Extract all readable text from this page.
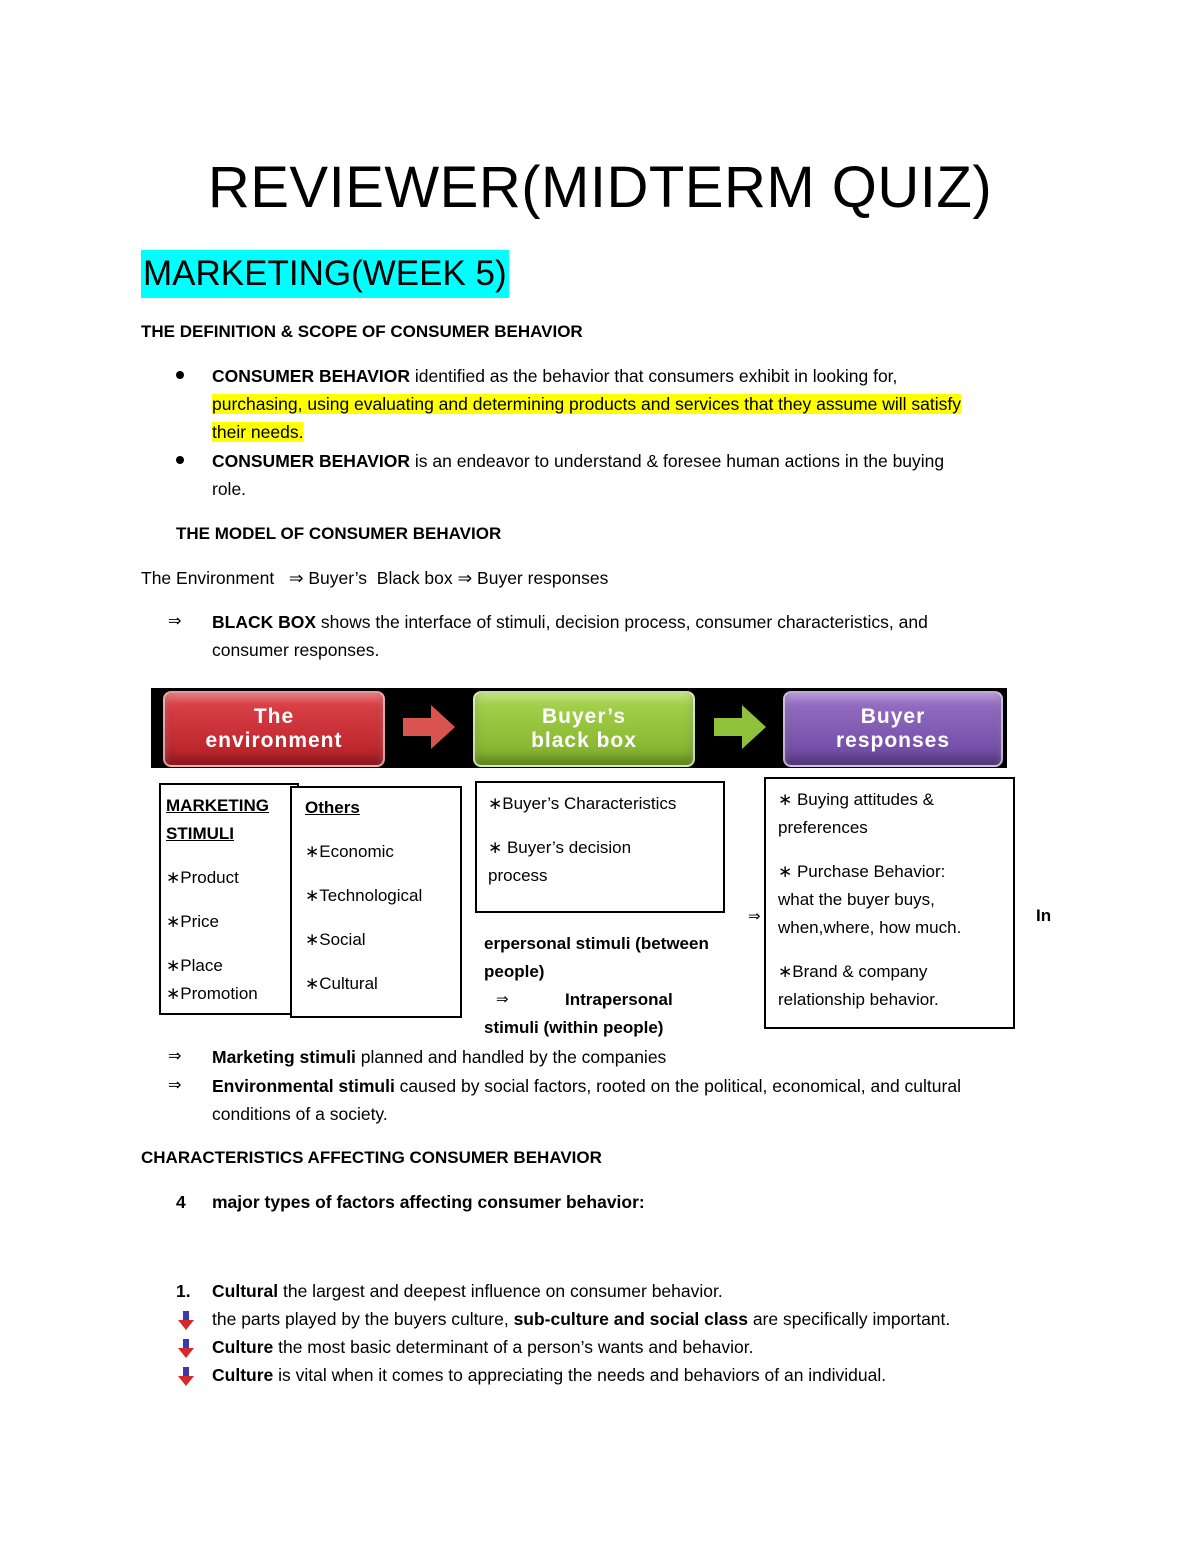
REVIEWER(MIDTERM QUIZ)
MARKETING(WEEK 5)
THE DEFINITION & SCOPE OF CONSUMER BEHAVIOR
CONSUMER BEHAVIOR identified as the behavior that consumers exhibit in looking for,
purchasing, using evaluating and determining products and services that they assume will satisfy
their needs.
CONSUMER BEHAVIOR is an endeavor to understand & foresee human actions in the buying
role.
THE MODEL OF CONSUMER BEHAVIOR
The Environment   ⇒ Buyer’s  Black box ⇒ Buyer responses
⇒ BLACK BOX shows the interface of stimuli, decision process, consumer characteristics, and
consumer responses.
The
environment
Buyer’s
black box
Buyer
responses
MARKETING
STIMULI
∗Product
∗Price
∗Place
∗Promotion
Others
∗Economic
∗Technological
∗Social
∗Cultural
∗Buyer’s Characteristics
∗ Buyer’s decision
process
erpersonal stimuli (between
people)
⇒	Intrapersonal
stimuli (within people)
⇒
∗ Buying attitudes &
preferences
∗ Purchase Behavior:
what the buyer buys,
when,where, how much.
∗Brand & company
relationship behavior.
In
⇒ Marketing stimuli planned and handled by the companies
⇒ Environmental stimuli caused by social factors, rooted on the political, economical, and cultural
conditions of a society.
CHARACTERISTICS AFFECTING CONSUMER BEHAVIOR
4 major types of factors affecting consumer behavior:
1. Cultural the largest and deepest influence on consumer behavior.
the parts played by the buyers culture, sub-culture and social class are specifically important.
Culture the most basic determinant of a person’s wants and behavior.
Culture is vital when it comes to appreciating the needs and behaviors of an individual.
